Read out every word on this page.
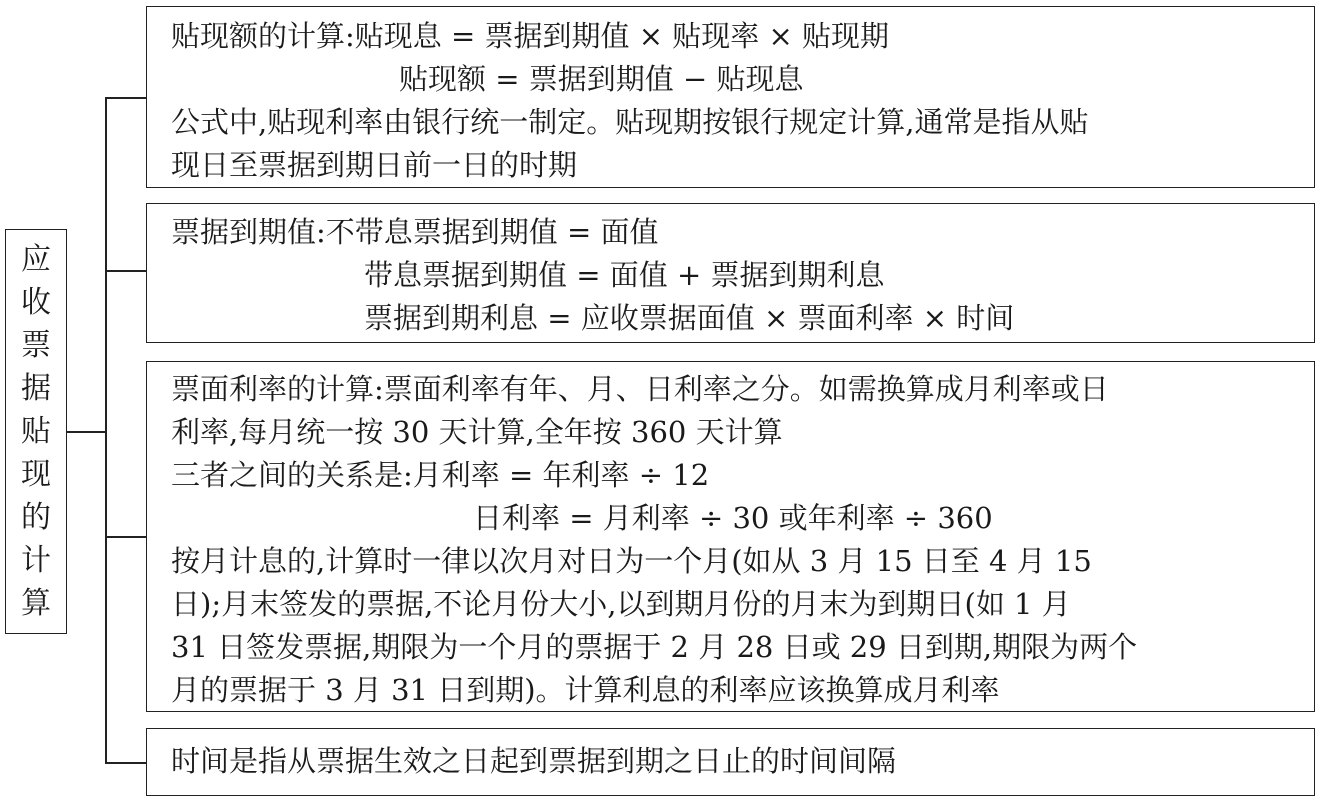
应
收
票
据
贴
现
的
计
算
贴现额的计算:贴现息 = 票据到期值 × 贴现率 × 贴现期
贴现额 = 票据到期值 − 贴现息
公式中,贴现利率由银行统一制定。贴现期按银行规定计算,通常是指从贴
现日至票据到期日前一日的时期
票据到期值:不带息票据到期值 = 面值
带息票据到期值 = 面值 + 票据到期利息
票据到期利息 = 应收票据面值 × 票面利率 × 时间
票面利率的计算:票面利率有年、月、日利率之分。如需换算成月利率或日
利率,每月统一按 30 天计算,全年按 360 天计算
三者之间的关系是:月利率 = 年利率 ÷ 12
日利率 = 月利率 ÷ 30 或年利率 ÷ 360
按月计息的,计算时一律以次月对日为一个月(如从 3 月 15 日至 4 月 15
日);月末签发的票据,不论月份大小,以到期月份的月末为到期日(如 1 月
31 日签发票据,期限为一个月的票据于 2 月 28 日或 29 日到期,期限为两个
月的票据于 3 月 31 日到期)。计算利息的利率应该换算成月利率
时间是指从票据生效之日起到票据到期之日止的时间间隔
